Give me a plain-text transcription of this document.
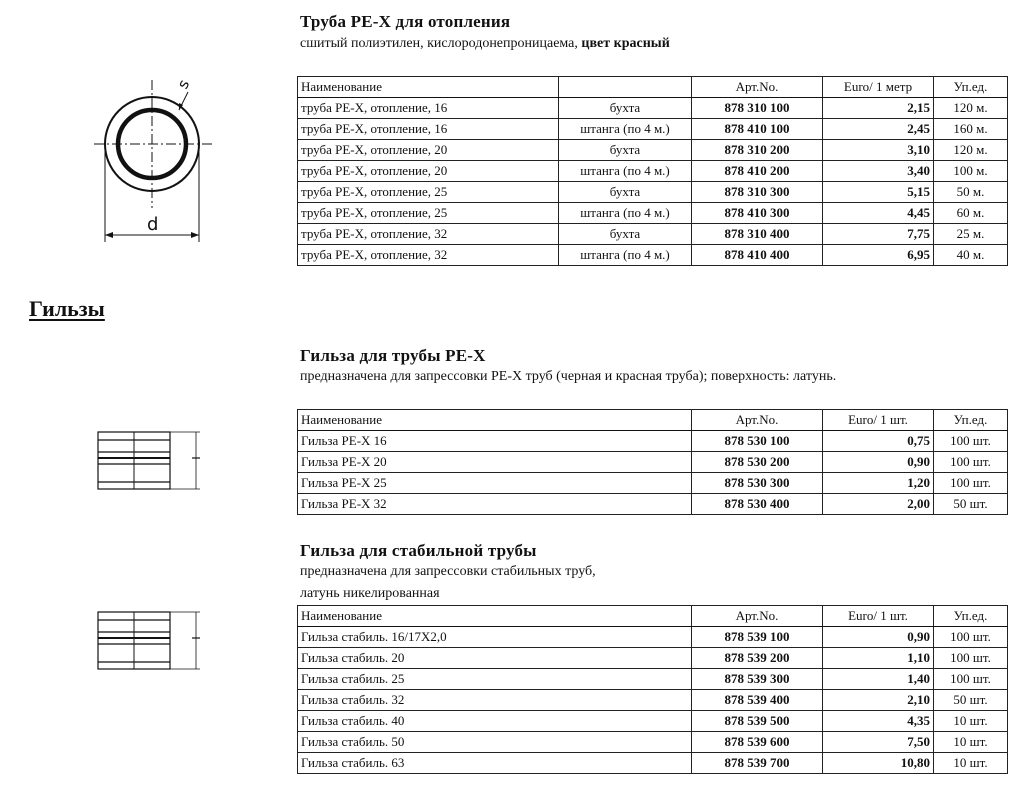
Труба PE-X для отопления
сшитый полиэтилен, кислородонепроницаема, цвет красный
s
d
Наименование		Арт.No.	Euro/ 1 метр	Уп.ед.
труба PE-X, отопление, 16	бухта	878 310 100	2,15	120 м.
труба PE-X, отопление, 16	штанга (по 4 м.)	878 410 100	2,45	160 м.
труба PE-X, отопление, 20	бухта	878 310 200	3,10	120 м.
труба PE-X, отопление, 20	штанга (по 4 м.)	878 410 200	3,40	100 м.
труба PE-X, отопление, 25	бухта	878 310 300	5,15	50 м.
труба PE-X, отопление, 25	штанга (по 4 м.)	878 410 300	4,45	60 м.
труба PE-X, отопление, 32	бухта	878 310 400	7,75	25 м.
труба PE-X, отопление, 32	штанга (по 4 м.)	878 410 400	6,95	40 м.
Гильзы
Гильза для трубы PE-X
предназначена для запрессовки PE-X труб (черная и красная труба); поверхность: латунь.
Наименование	Арт.No.	Euro/ 1 шт.	Уп.ед.
Гильза PE-X 16	878 530 100	0,75	100 шт.
Гильза PE-X 20	878 530 200	0,90	100 шт.
Гильза PE-X 25	878 530 300	1,20	100 шт.
Гильза PE-X 32	878 530 400	2,00	50 шт.
Гильза для стабильной трубы
предназначена для запрессовки стабильных труб,
латунь никелированная
Наименование	Арт.No.	Euro/ 1 шт.	Уп.ед.
Гильза стабиль. 16/17X2,0	878 539 100	0,90	100 шт.
Гильза стабиль. 20	878 539 200	1,10	100 шт.
Гильза стабиль. 25	878 539 300	1,40	100 шт.
Гильза стабиль. 32	878 539 400	2,10	50 шт.
Гильза стабиль. 40	878 539 500	4,35	10 шт.
Гильза стабиль. 50	878 539 600	7,50	10 шт.
Гильза стабиль. 63	878 539 700	10,80	10 шт.
